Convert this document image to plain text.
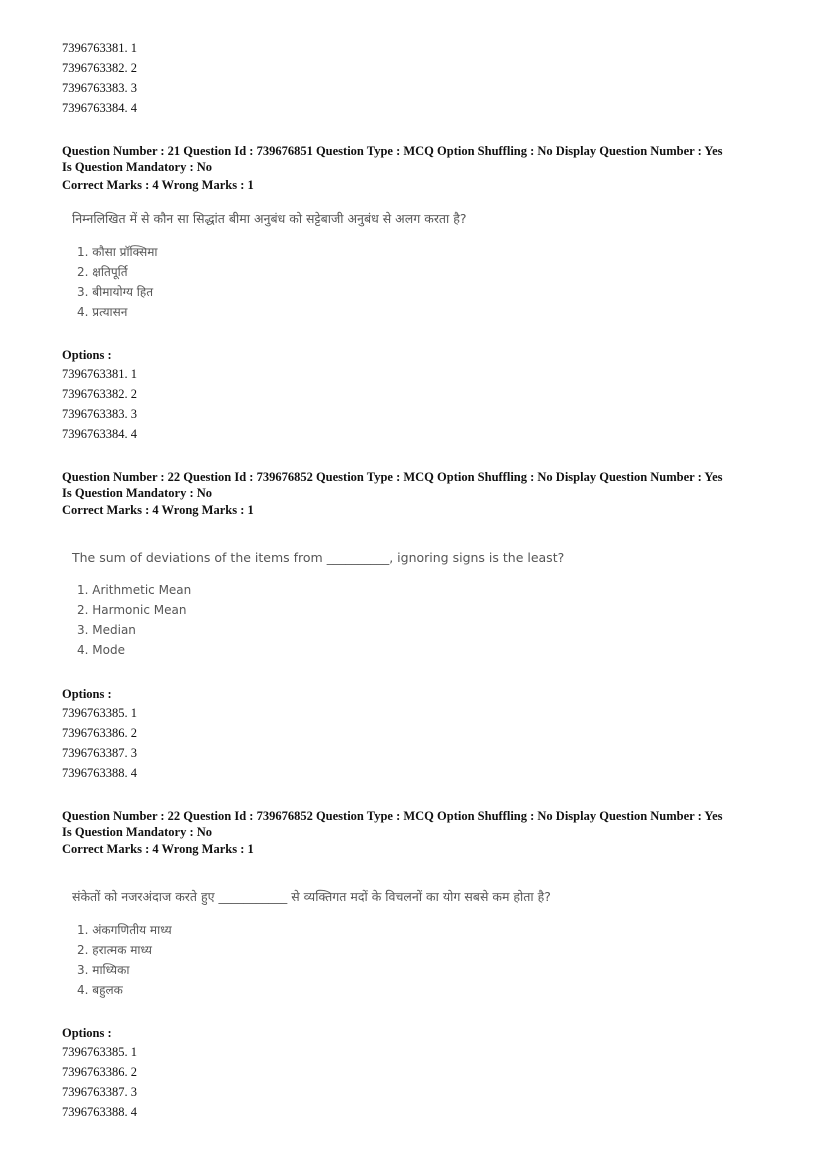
7396763381. 1
7396763382. 2
7396763383. 3
7396763384. 4
Question Number : 21 Question Id : 739676851 Question Type : MCQ Option Shuffling : No Display Question Number : Yes
Is Question Mandatory : No
Correct Marks : 4 Wrong Marks : 1
निम्नलिखित में से कौन सा सिद्धांत बीमा अनुबंध को सट्टेबाजी अनुबंध से अलग करता है?
1. कौसा प्रॉक्सिमा
2. क्षतिपूर्ति
3. बीमायोग्य हित
4. प्रत्यासन
Options :
7396763381. 1
7396763382. 2
7396763383. 3
7396763384. 4
Question Number : 22 Question Id : 739676852 Question Type : MCQ Option Shuffling : No Display Question Number : Yes
Is Question Mandatory : No
Correct Marks : 4 Wrong Marks : 1
The sum of deviations of the items from __________, ignoring signs is the least?
1. Arithmetic Mean
2. Harmonic Mean
3. Median
4. Mode
Options :
7396763385. 1
7396763386. 2
7396763387. 3
7396763388. 4
Question Number : 22 Question Id : 739676852 Question Type : MCQ Option Shuffling : No Display Question Number : Yes
Is Question Mandatory : No
Correct Marks : 4 Wrong Marks : 1
संकेतों को नजरअंदाज करते हुए ___________ से व्यक्तिगत मदों के विचलनों का योग सबसे कम होता है?
1. अंकगणितीय माध्य
2. हरात्मक माध्य
3. माध्यिका
4. बहुलक
Options :
7396763385. 1
7396763386. 2
7396763387. 3
7396763388. 4
